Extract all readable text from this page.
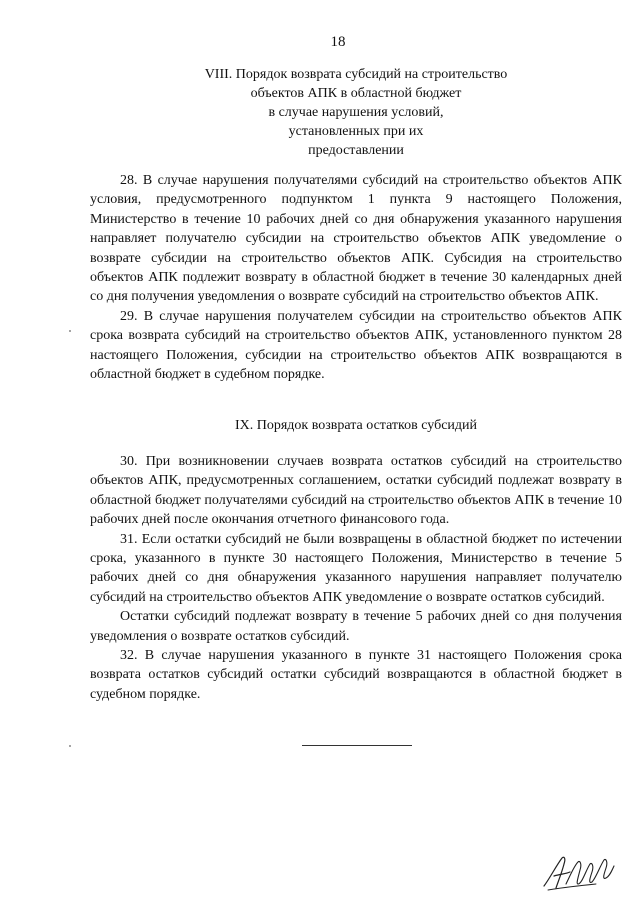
18
VIII. Порядок возврата субсидий на строительство
объектов АПК в областной бюджет
в случае нарушения условий,
установленных при их
предоставлении

28. В случае нарушения получателями субсидий на строительство объектов АПК условия, предусмотренного подпунктом 1 пункта 9 настоящего Положения, Министерство в течение 10 рабочих дней со дня обнаружения указанного нарушения направляет получателю субсидии на строительство объектов АПК уведомление о возврате субсидии на строительство объектов АПК. Субсидия на строительство объектов АПК подлежит возврату в областной бюджет в течение 30 календарных дней со дня получения уведомления о возврате субсидий на строительство объектов АПК.

29. В случае нарушения получателем субсидии на строительство объектов АПК срока возврата субсидий на строительство объектов АПК, установленного пунктом 28 настоящего Положения, субсидии на строительство объектов АПК возвращаются в областной бюджет в судебном порядке.

IX. Порядок возврата остатков субсидий

30. При возникновении случаев возврата остатков субсидий на строительство объектов АПК, предусмотренных соглашением, остатки субсидий подлежат возврату в областной бюджет получателями субсидий на строительство объектов АПК в течение 10 рабочих дней после окончания отчетного финансового года.

31. Если остатки субсидий не были возвращены в областной бюджет по истечении срока, указанного в пункте 30 настоящего Положения, Министерство в течение 5 рабочих дней со дня обнаружения указанного нарушения направляет получателю субсидий на строительство объектов АПК уведомление о возврате остатков субсидий.

Остатки субсидий подлежат возврату в течение 5 рабочих дней со дня получения уведомления о возврате остатков субсидий.

32. В случае нарушения указанного в пункте 31 настоящего Положения срока возврата остатков субсидий остатки субсидий возвращаются в областной бюджет в судебном порядке.
